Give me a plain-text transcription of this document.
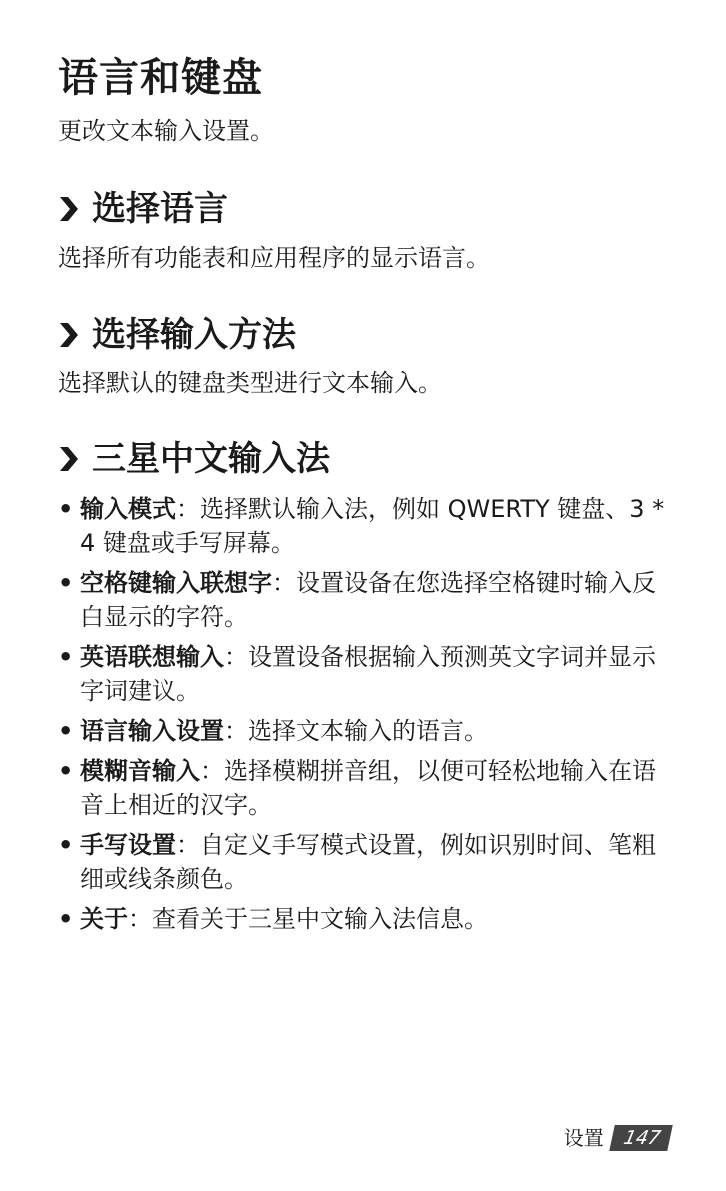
语言和键盘

更改文本输入设置。

选择语言

选择所有功能表和应用程序的显示语言。

选择输入方法

选择默认的键盘类型进行文本输入。

三星中文输入法
• 输入模式：选择默认输入法，例如 QWERTY 键盘、3 * 4 键盘或手写屏幕。
• 空格键输入联想字：设置设备在您选择空格键时输入反白显示的字符。
• 英语联想输入：设置设备根据输入预测英文字词并显示字词建议。
• 语言输入设置：选择文本输入的语言。
• 模糊音输入：选择模糊拼音组，以便可轻松地输入在语音上相近的汉字。
• 手写设置：自定义手写模式设置，例如识别时间、笔粗细或线条颜色。
• 关于：查看关于三星中文输入法信息。
设置 147
